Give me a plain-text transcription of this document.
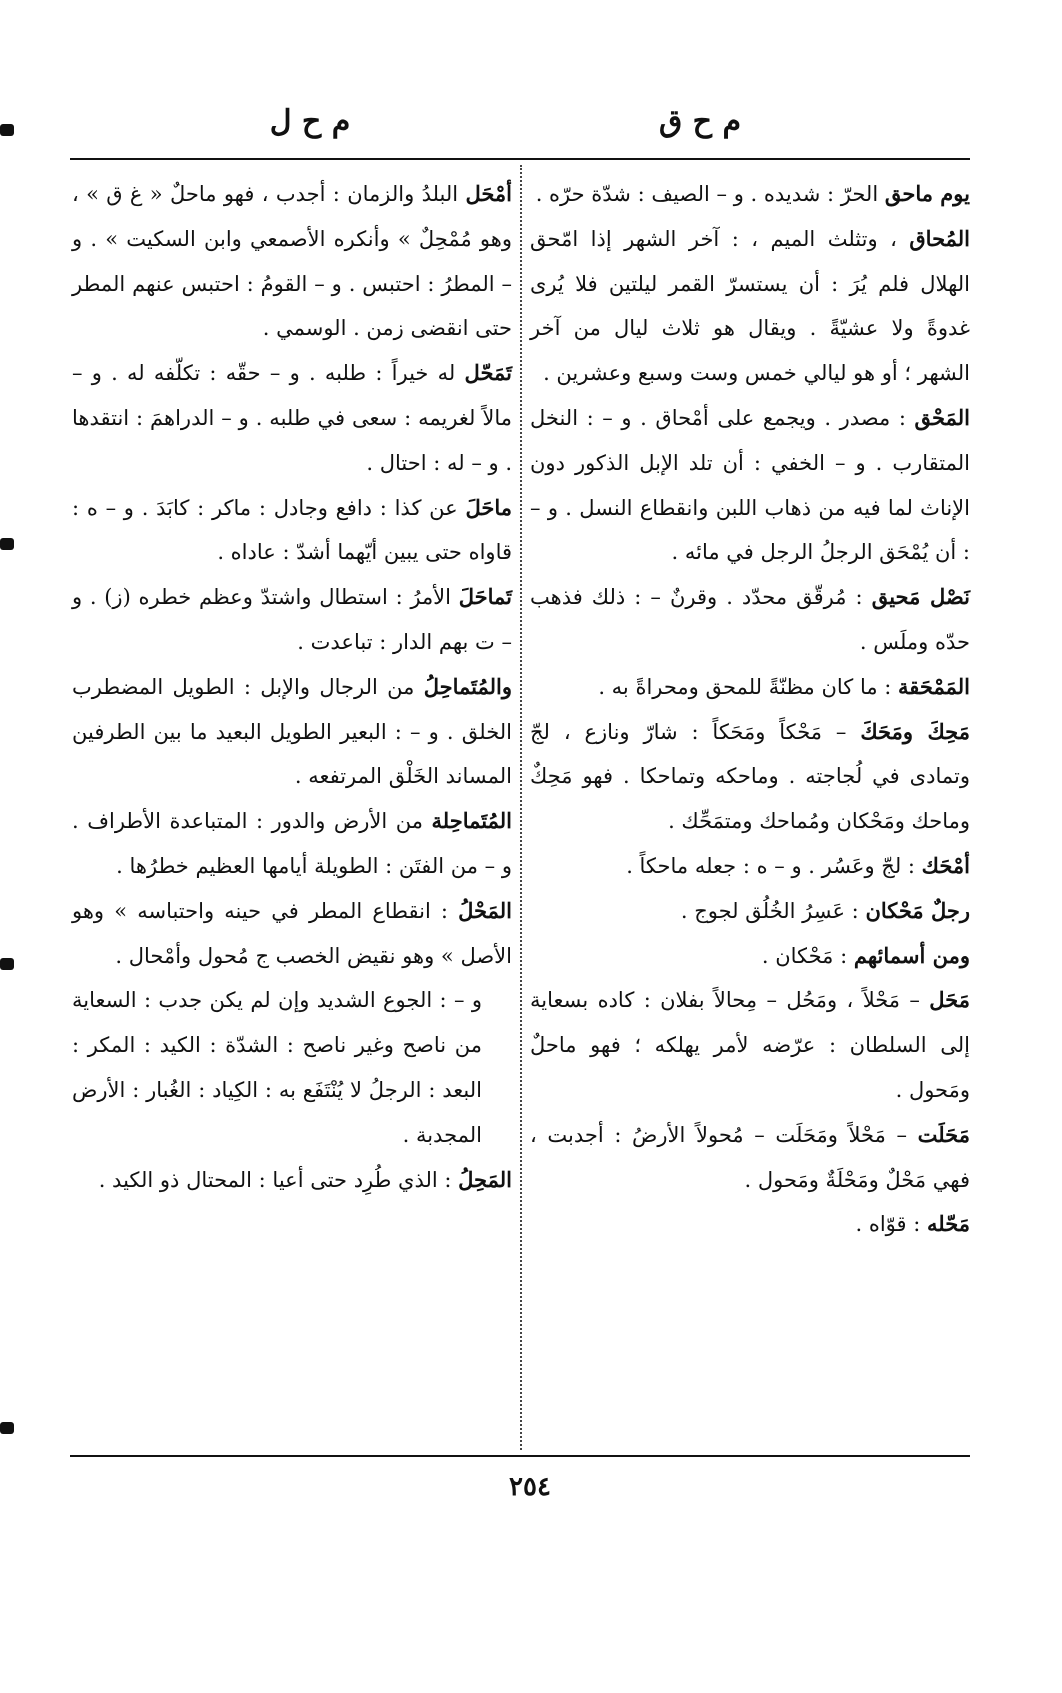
م ح ل	م ح ق

يوم ماحق الحرّ : شديده . و – الصيف : شدّة حرّه .

المُحاق ، وتثلث الميم ، : آخر الشهر إذا امّحق الهلال فلم يُرَ : أن يستسرّ القمر ليلتين فلا يُرى غدوةً ولا عشيّةً . ويقال هو ثلاث ليال من آخر الشهر ؛ أو هو ليالي خمس وست وسبع وعشرين .

المَحْق : مصدر . ويجمع على أمْحاق . و – : النخل المتقارب . و – الخفي : أن تلد الإبل الذكور دون الإناث لما فيه من ذهاب اللبن وانقطاع النسل . و – : أن يُمْحَق الرجلُ الرجل في مائه .

نَصْل مَحيق : مُرقّق محدّد . وقرنٌ – : ذلك فذهب حدّه وملَس .

المَمْحَقة : ما كان مظنّةً للمحق ومحراةً به .

مَحِكَ ومَحَكَ – مَحْكاً ومَحَكاً : شارّ ونازع ، لجّ وتمادى في لُجاجته . وماحكه وتماحكا . فهو مَحِكٌ وماحك ومَحْكان ومُماحك ومتمَحِّك .

أمْحَك : لجّ وعَسُر . و – ه : جعله ماحكاً .

رجلٌ مَحْكان : عَسِرُ الخُلُق لجوج .

ومن أسمائهم : مَحْكان .

مَحَل – مَحْلاً ، ومَحُل – مِحالاً بفلان : كاده بسعاية إلى السلطان : عرّضه لأمر يهلكه ؛ فهو ماحلٌ ومَحول .

مَحَلَت – مَحْلاً ومَحَلَت – مُحولاً الأرضُ : أجدبت ، فهي مَحْلٌ ومَحْلَةٌ ومَحول .

مَحّله : قوّاه .

أمْحَل البلدُ والزمان : أجدب ، فهو ماحلٌ « غ ق » ، وهو مُمْحِلٌ » وأنكره الأصمعي وابن السكيت » . و – المطرُ : احتبس . و – القومُ : احتبس عنهم المطر حتى انقضى زمن . الوسمي .

تَمَحّل له خيراً : طلبه . و – حقّه : تكلّفه له . و – مالاً لغريمه : سعى في طلبه . و – الدراهمَ : انتقدها . و – له : احتال .

ماحَلَ عن كذا : دافع وجادل : ماكر : كابَدَ . و – ه : قاواه حتى يبين أيّهما أشدّ : عاداه .

تَماحَلَ الأمرُ : استطال واشتدّ وعظم خطره (ز) . و – ت بهم الدار : تباعدت .

والمُتَماحِلُ من الرجال والإبل : الطويل المضطرب الخلق . و – : البعير الطويل البعيد ما بين الطرفين المساند الخَلْق المرتفعه .

المُتَماحِلة من الأرض والدور : المتباعدة الأطراف . و – من الفتَن : الطويلة أيامها العظيم خطرُها .

المَحْلُ : انقطاع المطر في حينه واحتباسه » وهو الأصل » وهو نقيض الخصب ج مُحول وأمْحال .

و – : الجوع الشديد وإن لم يكن جدب : السعاية من ناصح وغير ناصح : الشدّة : الكيد : المكر : البعد : الرجلُ لا يُنْتَفَع به : الكِياد : الغُبار : الأرض المجدبة .

المَحِلُ : الذي طُرِد حتى أعيا : المحتال ذو الكيد .

٢٥٤
